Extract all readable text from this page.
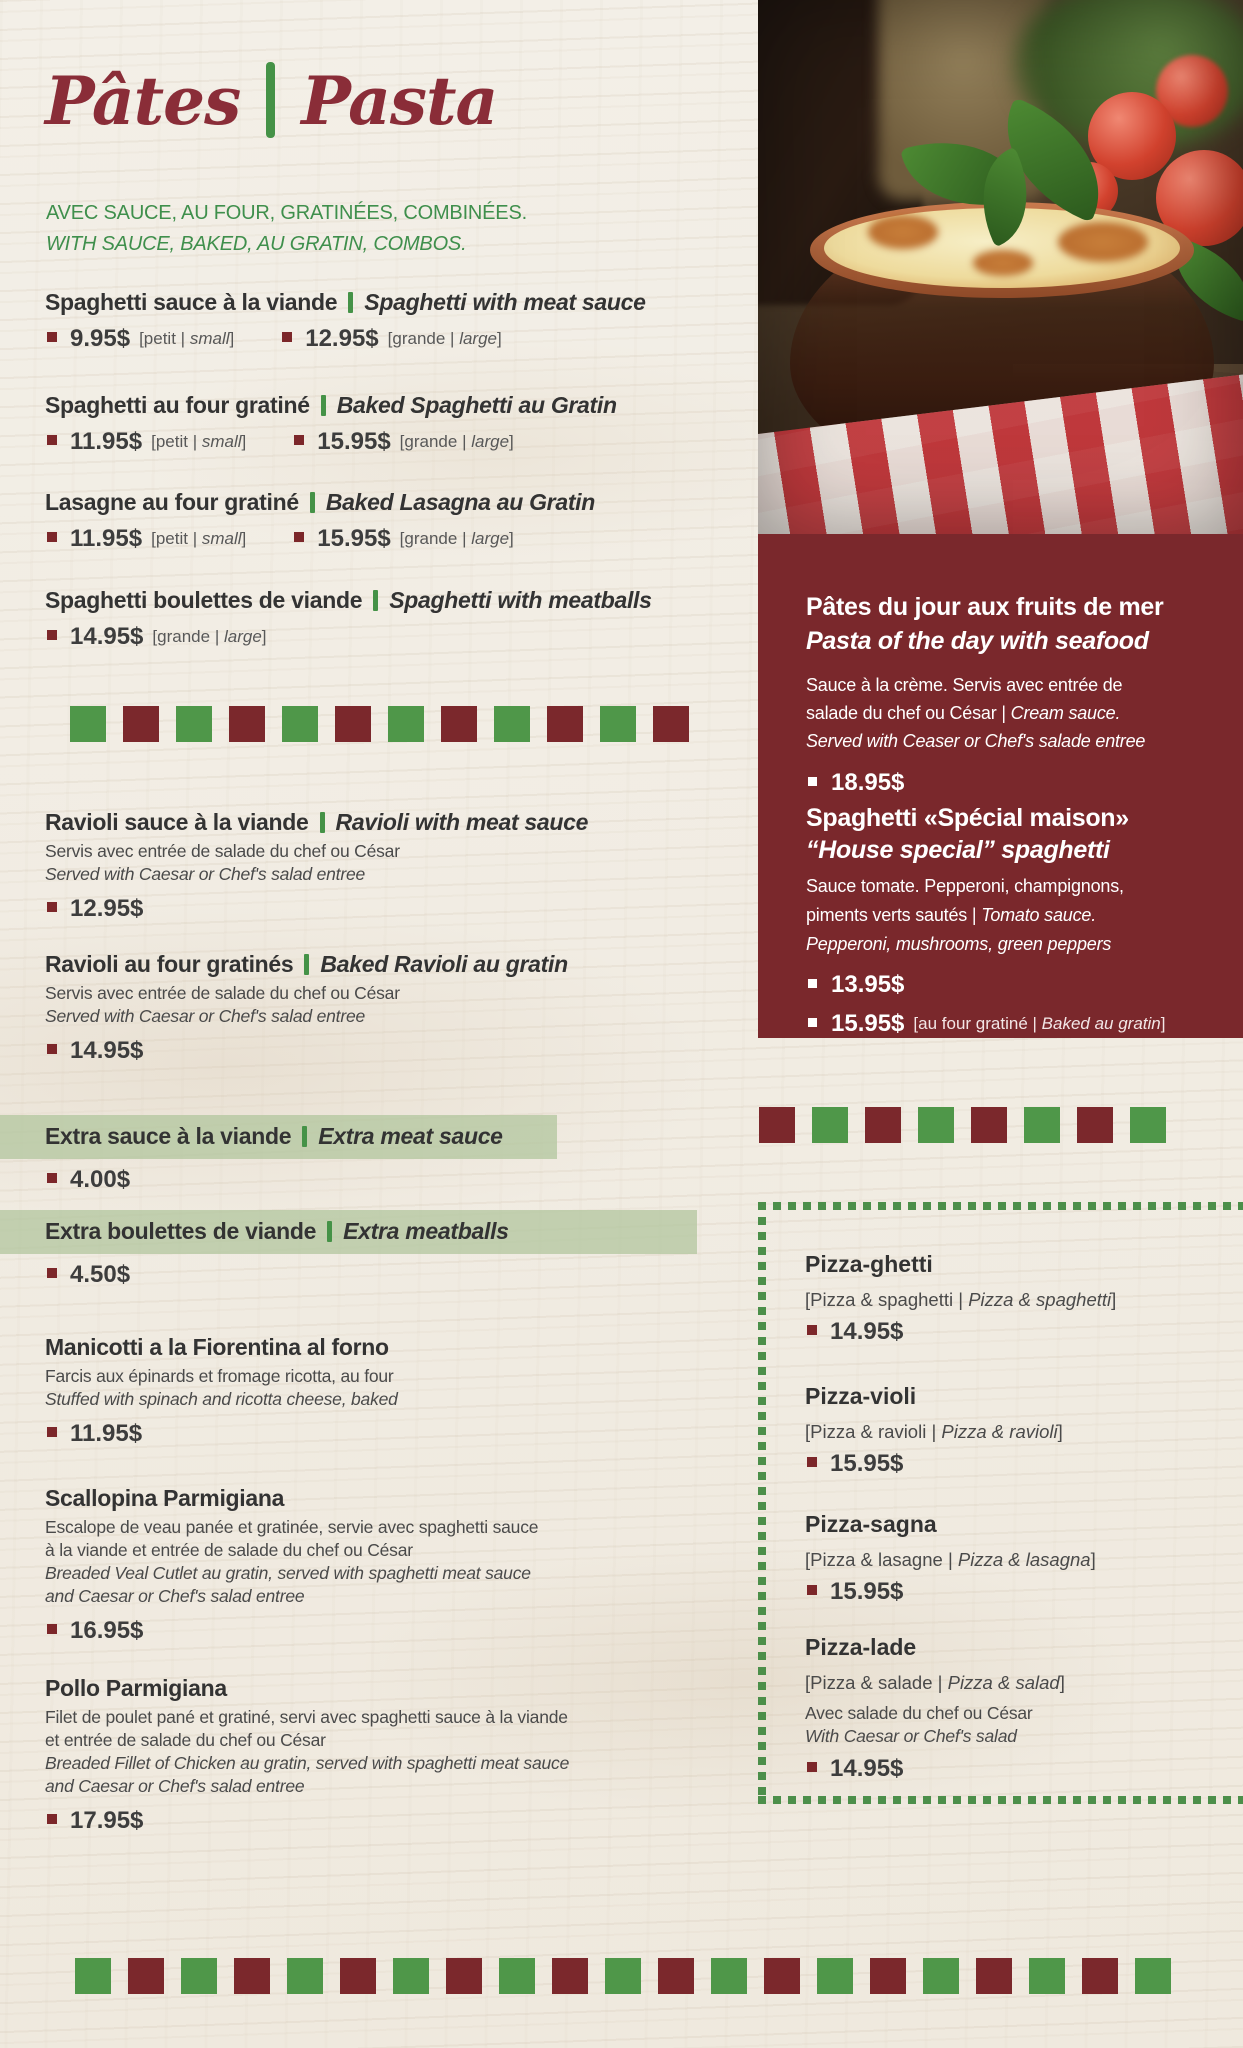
Pâtes Pasta
AVEC SAUCE, AU FOUR, GRATINÉES, COMBINÉES.
WITH SAUCE, BAKED, AU GRATIN, COMBOS.
Spaghetti sauce à la viande Spaghetti with meat sauce
9.95$ [petit | small]	12.95$ [grande | large]
Spaghetti au four gratiné Baked Spaghetti au Gratin
11.95$ [petit | small]	15.95$ [grande | large]
Lasagne au four gratiné Baked Lasagna au Gratin
11.95$ [petit | small]	15.95$ [grande | large]
Spaghetti boulettes de viande Spaghetti with meatballs
14.95$ [grande | large]
Ravioli sauce à la viande Ravioli with meat sauce
Servis avec entrée de salade du chef ou César
Served with Caesar or Chef's salad entree
12.95$
Ravioli au four gratinés Baked Ravioli au gratin
Servis avec entrée de salade du chef ou César
Served with Caesar or Chef's salad entree
14.95$
Extra sauce à la viande Extra meat sauce
4.00$
Extra boulettes de viande Extra meatballs
4.50$
Manicotti a la Fiorentina al forno
Farcis aux épinards et fromage ricotta, au four
Stuffed with spinach and ricotta cheese, baked
11.95$
Scallopina Parmigiana
Escalope de veau panée et gratinée, servie avec spaghetti sauce
à la viande et entrée de salade du chef ou César
Breaded Veal Cutlet au gratin, served with spaghetti meat sauce
and Caesar or Chef's salad entree
16.95$
Pollo Parmigiana
Filet de poulet pané et gratiné, servi avec spaghetti sauce à la viande
et entrée de salade du chef ou César
Breaded Fillet of Chicken au gratin, served with spaghetti meat sauce
and Caesar or Chef's salad entree
17.95$
Pâtes du jour aux fruits de mer
Pasta of the day with seafood
Sauce à la crème. Servis avec entrée de
salade du chef ou César | Cream sauce.
Served with Ceaser or Chef's salade entree
18.95$
Spaghetti «Spécial maison»
“House special” spaghetti
Sauce tomate. Pepperoni, champignons,
piments verts sautés | Tomato sauce.
Pepperoni, mushrooms, green peppers
13.95$
15.95$ [au four gratiné | Baked au gratin]
Pizza-ghetti
[Pizza & spaghetti | Pizza & spaghetti]
14.95$
Pizza-violi
[Pizza & ravioli | Pizza & ravioli]
15.95$
Pizza-sagna
[Pizza & lasagne | Pizza & lasagna]
15.95$
Pizza-lade
[Pizza & salade | Pizza & salad]
Avec salade du chef ou César
With Caesar or Chef's salad
14.95$
